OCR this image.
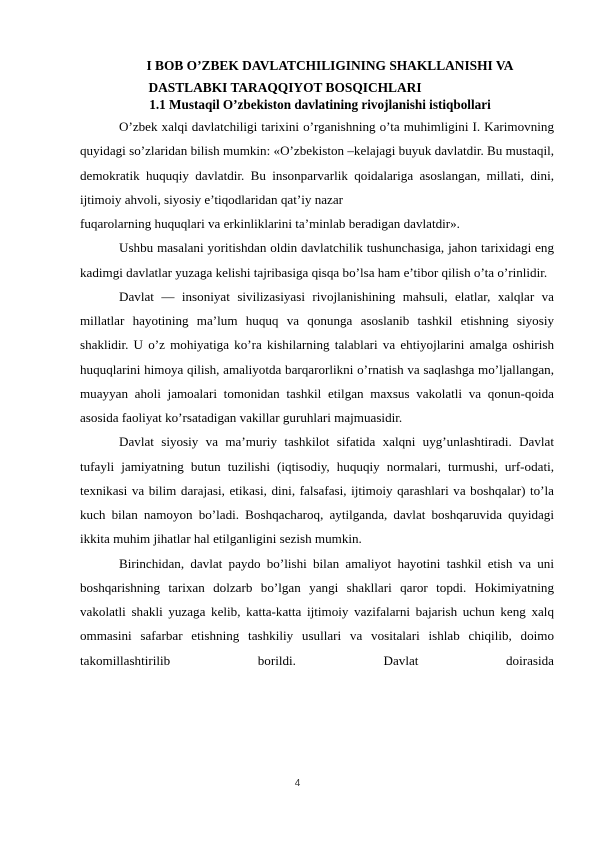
I BOB O’ZBEK DAVLATCHILIGINING SHAKLLANISHI VA
DASTLABKI TARAQQIYOT BOSQICHLARI
1.1 Mustaqil O’zbekiston davlatining rivojlanishi istiqbollari

O’zbek xalqi davlatchiligi tarixini o’rganishning o’ta muhimligini I. Karimovning quyidagi so’zlaridan bilish mumkin: «O’zbekiston –kelajagi buyuk davlatdir. Bu mustaqil, demokratik huquqiy davlatdir. Bu insonparvarlik qoidalariga asoslangan, millati, dini, ijtimoiy ahvoli, siyosiy e’tiqodlaridan qat’iy nazar

fuqarolarning huquqlari va erkinliklarini ta’minlab beradigan davlatdir».

Ushbu masalani yoritishdan oldin davlatchilik tushunchasiga, jahon tarixidagi eng kadimgi davlatlar yuzaga kelishi tajribasiga qisqa bo’lsa ham e’tibor qilish o’ta o’rinlidir.

Davlat — insoniyat sivilizasiyasi rivojlanishining mahsuli, elatlar, xalqlar va millatlar hayotining ma’lum huquq va qonunga asoslanib tashkil etishning siyosiy shaklidir. U o’z mohiyatiga ko’ra kishilarning talablari va ehtiyojlarini amalga oshirish huquqlarini himoya qilish, amaliyotda barqarorlikni o’rnatish va saqlashga mo’ljallangan, muayyan aholi jamoalari tomonidan tashkil etilgan maxsus vakolatli va qonun-qoida asosida faoliyat ko’rsatadigan vakillar guruhlari majmuasidir.

Davlat siyosiy va ma’muriy tashkilot sifatida xalqni uyg’unlashtiradi. Davlat tufayli jamiyatning butun tuzilishi (iqtisodiy, huquqiy normalari, turmushi, urf-odati, texnikasi va bilim darajasi, etikasi, dini, falsafasi, ijtimoiy qarashlari va boshqalar) to’la kuch bilan namoyon bo’ladi. Boshqacharoq, aytilganda, davlat boshqaruvida quyidagi ikkita muhim jihatlar hal etilganligini sezish mumkin.

Birinchidan, davlat paydo bo’lishi bilan amaliyot hayotini tashkil etish va uni boshqarishning tarixan dolzarb bo’lgan yangi shakllari qaror topdi. Hokimiyatning vakolatli shakli yuzaga kelib, katta-katta ijtimoiy vazifalarni bajarish uchun keng xalq ommasini safarbar etishning tashkiliy usullari va vositalari ishlab chiqilib, doimo takomillashtirilib borildi. Davlat doirasida

4
